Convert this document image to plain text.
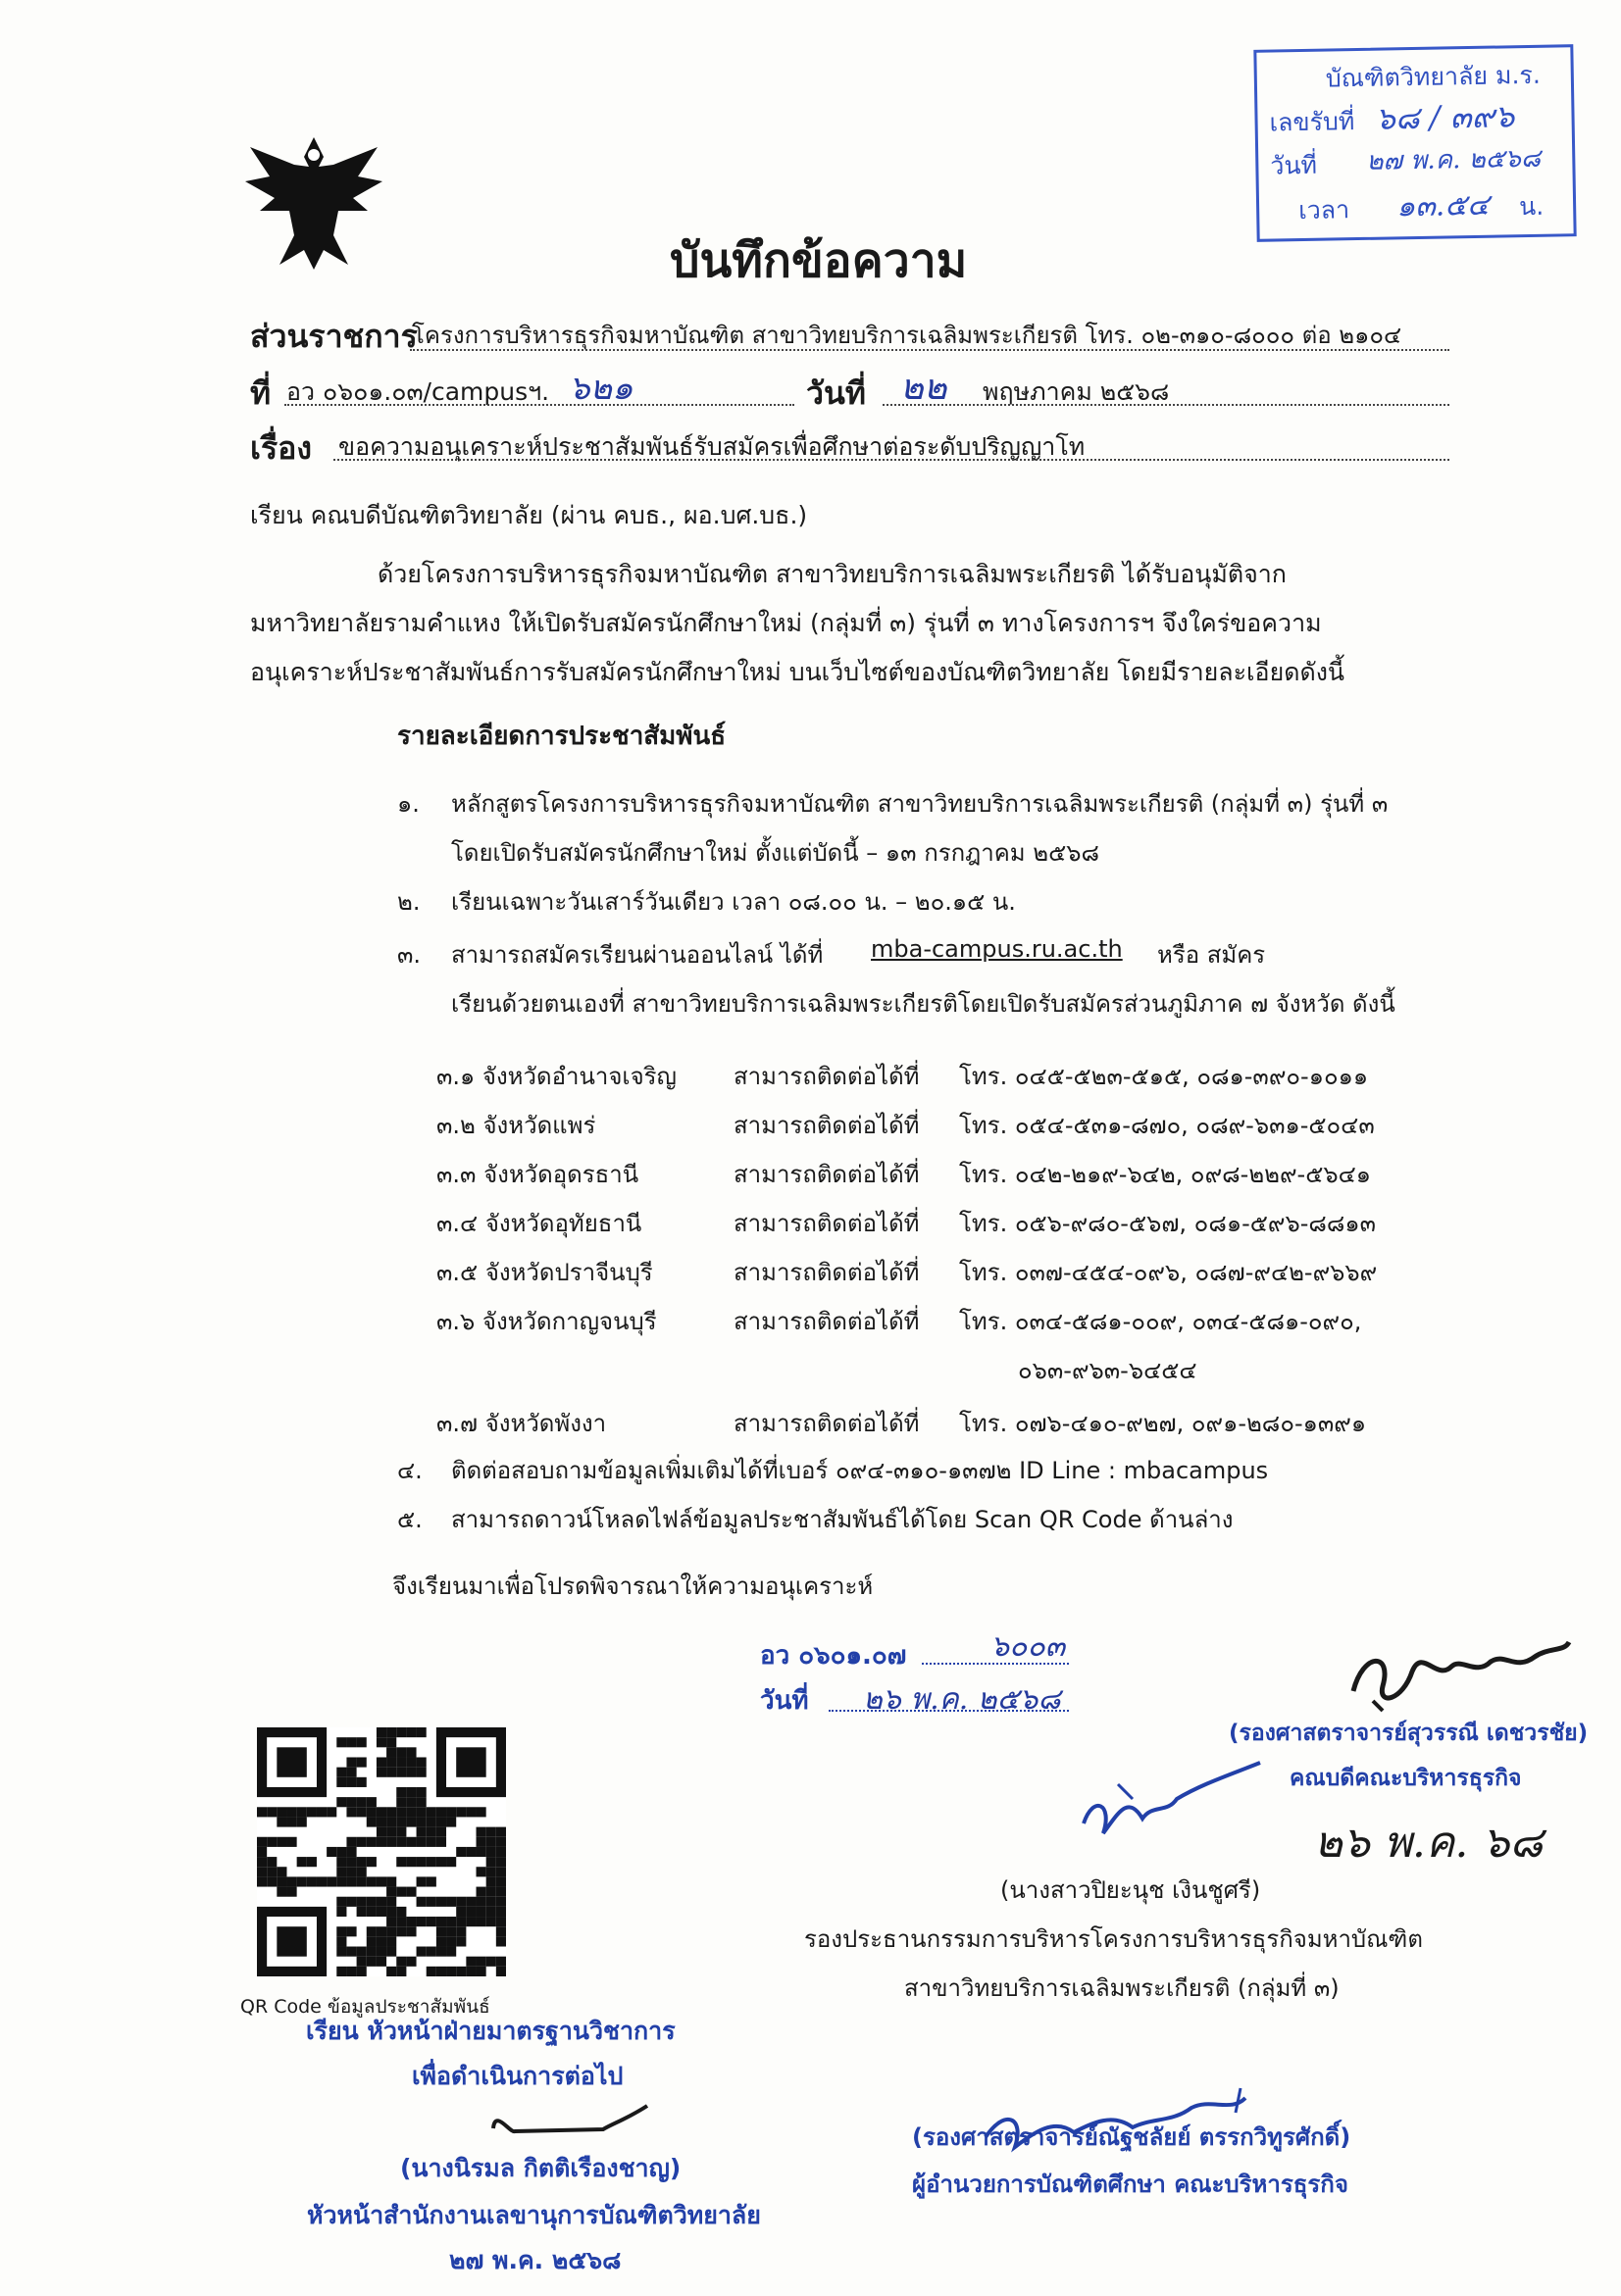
บัณฑิตวิทยาลัย ม.ร.
เลขรับที่ ๖๘ / ๓๙๖
วันที่ ๒๗ พ.ค. ๒๕๖๘
เวลา ๑๓.๕๔ น.
บันทึกข้อความ
ส่วนราชการ
โครงการบริหารธุรกิจมหาบัณฑิต สาขาวิทยบริการเฉลิมพระเกียรติ โทร. ๐๒-๓๑๐-๘๐๐๐ ต่อ ๒๑๐๔
ที่ อว ๐๖๐๑.๐๓/campusฯ. ๖๒๑	วันที่ ๒๒ พฤษภาคม ๒๕๖๘
เรื่อง ขอความอนุเคราะห์ประชาสัมพันธ์รับสมัครเพื่อศึกษาต่อระดับปริญญาโท
เรียน คณบดีบัณฑิตวิทยาลัย (ผ่าน คบธ., ผอ.บศ.บธ.)
ด้วยโครงการบริหารธุรกิจมหาบัณฑิต สาขาวิทยบริการเฉลิมพระเกียรติ ได้รับอนุมัติจาก
มหาวิทยาลัยรามคำแหง ให้เปิดรับสมัครนักศึกษาใหม่ (กลุ่มที่ ๓) รุ่นที่ ๓ ทางโครงการฯ จึงใคร่ขอความ
อนุเคราะห์ประชาสัมพันธ์การรับสมัครนักศึกษาใหม่ บนเว็บไซต์ของบัณฑิตวิทยาลัย โดยมีรายละเอียดดังนี้
รายละเอียดการประชาสัมพันธ์
๑. หลักสูตรโครงการบริหารธุรกิจมหาบัณฑิต สาขาวิทยบริการเฉลิมพระเกียรติ (กลุ่มที่ ๓) รุ่นที่ ๓
โดยเปิดรับสมัครนักศึกษาใหม่ ตั้งแต่บัดนี้ – ๑๓ กรกฎาคม ๒๕๖๘
๒. เรียนเฉพาะวันเสาร์วันเดียว เวลา ๐๘.๐๐ น. – ๒๐.๑๕ น.
๓. สามารถสมัครเรียนผ่านออนไลน์ ได้ที่ mba-campus.ru.ac.th หรือ สมัคร
เรียนด้วยตนเองที่ สาขาวิทยบริการเฉลิมพระเกียรติโดยเปิดรับสมัครส่วนภูมิภาค ๗ จังหวัด ดังนี้
๓.๑ จังหวัดอำนาจเจริญ สามารถติดต่อได้ที่ โทร. ๐๔๕-๕๒๓-๕๑๕, ๐๘๑-๓๙๐-๑๐๑๑
๓.๒ จังหวัดแพร่	สามารถติดต่อได้ที่ โทร. ๐๕๔-๕๓๑-๘๗๐, ๐๘๙-๖๓๑-๕๐๔๓
๓.๓ จังหวัดอุดรธานี	สามารถติดต่อได้ที่ โทร. ๐๔๒-๒๑๙-๖๔๒, ๐๙๘-๒๒๙-๕๖๔๑
๓.๔ จังหวัดอุทัยธานี	สามารถติดต่อได้ที่ โทร. ๐๕๖-๙๘๐-๕๖๗, ๐๘๑-๕๙๖-๘๘๑๓
๓.๕ จังหวัดปราจีนบุรี	สามารถติดต่อได้ที่ โทร. ๐๓๗-๔๕๔-๐๙๖, ๐๘๗-๙๔๒-๙๖๖๙
๓.๖ จังหวัดกาญจนบุรี	สามารถติดต่อได้ที่ โทร. ๐๓๔-๕๘๑-๐๐๙, ๐๓๔-๕๘๑-๐๙๐,
๐๖๓-๙๖๓-๖๔๕๔
๓.๗ จังหวัดพังงา	สามารถติดต่อได้ที่ โทร. ๐๗๖-๔๑๐-๙๒๗, ๐๙๑-๒๘๐-๑๓๙๑
๔. ติดต่อสอบถามข้อมูลเพิ่มเติมได้ที่เบอร์ ๐๙๔-๓๑๐-๑๓๗๒ ID Line : mbacampus
๕. สามารถดาวน์โหลดไฟล์ข้อมูลประชาสัมพันธ์ได้โดย Scan QR Code ด้านล่าง
จึงเรียนมาเพื่อโปรดพิจารณาให้ความอนุเคราะห์
อว ๐๖๐๑.๐๗	๖๐๐๓
วันที่ ๒๖ พ.ค. ๒๕๖๘
(รองศาสตราจารย์สุวรรณี เดชวรชัย)
คณบดีคณะบริหารธุรกิจ
๒๖ พ.ค. ๖๘
(นางสาวปิยะนุช เงินชูศรี)
รองประธานกรรมการบริหารโครงการบริหารธุรกิจมหาบัณฑิต
สาขาวิทยบริการเฉลิมพระเกียรติ (กลุ่มที่ ๓)
QR Code ข้อมูลประชาสัมพันธ์
เรียน หัวหน้าฝ่ายมาตรฐานวิชาการ
เพื่อดำเนินการต่อไป
(นางนิรมล กิตติเรืองชาญ)
หัวหน้าสำนักงานเลขานุการบัณฑิตวิทยาลัย
๒๗ พ.ค. ๒๕๖๘
(รองศาสตราจารย์ณัฐชลัยย์ ตรรกวิทูรศักดิ์)
ผู้อำนวยการบัณฑิตศึกษา คณะบริหารธุรกิจ
